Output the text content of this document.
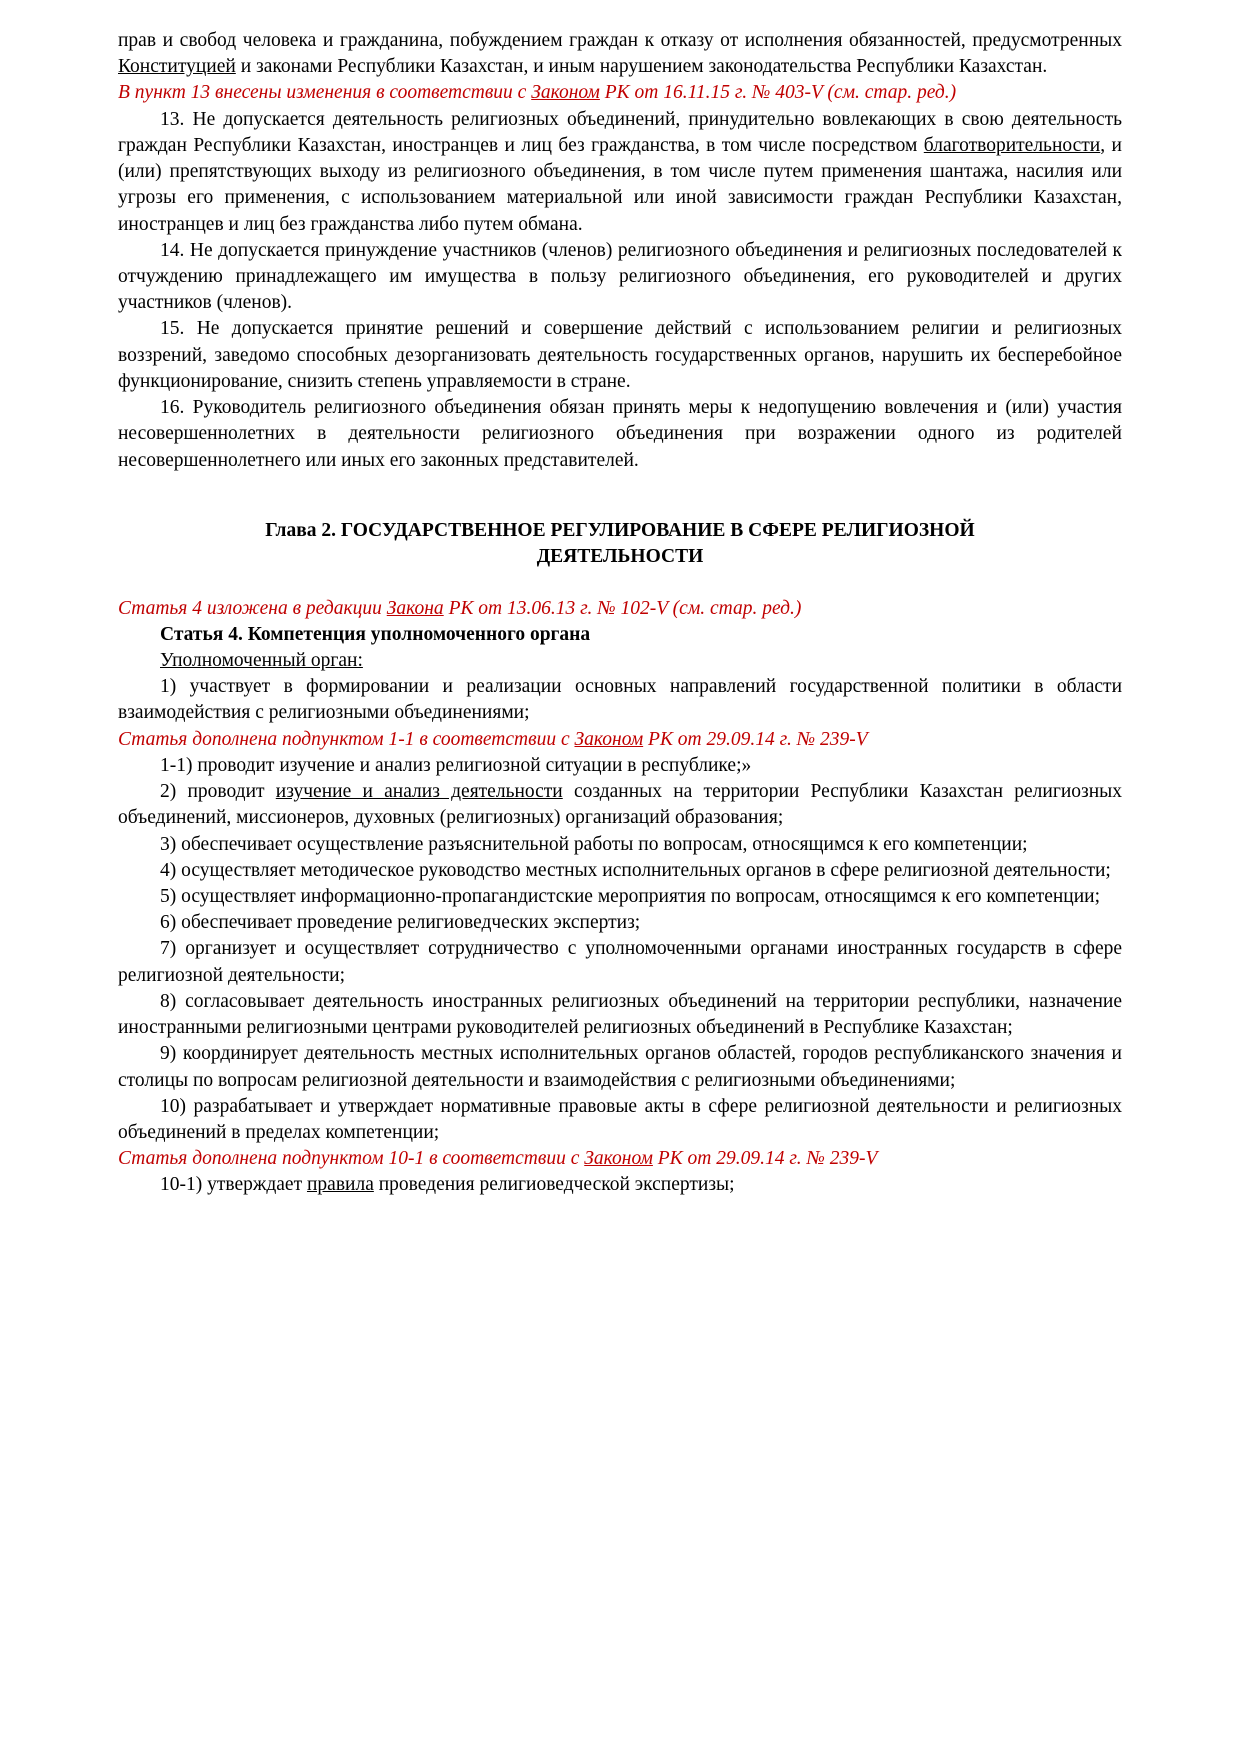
прав и свобод человека и гражданина, побуждением граждан к отказу от исполнения обязанностей, предусмотренных Конституцией и законами Республики Казахстан, и иным нарушением законодательства Республики Казахстан.

В пункт 13 внесены изменения в соответствии с Законом РК от 16.11.15 г. № 403-V (см. стар. ред.)

13. Не допускается деятельность религиозных объединений, принудительно вовлекающих в свою деятельность граждан Республики Казахстан, иностранцев и лиц без гражданства, в том числе посредством благотворительности, и (или) препятствующих выходу из религиозного объединения, в том числе путем применения шантажа, насилия или угрозы его применения, с использованием материальной или иной зависимости граждан Республики Казахстан, иностранцев и лиц без гражданства либо путем обмана.

14. Не допускается принуждение участников (членов) религиозного объединения и религиозных последователей к отчуждению принадлежащего им имущества в пользу религиозного объединения, его руководителей и других участников (членов).

15. Не допускается принятие решений и совершение действий с использованием религии и религиозных воззрений, заведомо способных дезорганизовать деятельность государственных органов, нарушить их бесперебойное функционирование, снизить степень управляемости в стране.

16. Руководитель религиозного объединения обязан принять меры к недопущению вовлечения и (или) участия несовершеннолетних в деятельности религиозного объединения при возражении одного из родителей несовершеннолетнего или иных его законных представителей.

Глава 2. ГОСУДАРСТВЕННОЕ РЕГУЛИРОВАНИЕ В СФЕРЕ РЕЛИГИОЗНОЙ

ДЕЯТЕЛЬНОСТИ

Статья 4 изложена в редакции Закона РК от 13.06.13 г. № 102-V (см. стар. ред.)

Статья 4. Компетенция уполномоченного органа

Уполномоченный орган:

1) участвует в формировании и реализации основных направлений государственной политики в области взаимодействия с религиозными объединениями;

Статья дополнена подпунктом 1-1 в соответствии с Законом РК от 29.09.14 г. № 239-V

1-1) проводит изучение и анализ религиозной ситуации в республике;»

2) проводит изучение и анализ деятельности созданных на территории Республики Казахстан религиозных объединений, миссионеров, духовных (религиозных) организаций образования;

3) обеспечивает осуществление разъяснительной работы по вопросам, относящимся к его компетенции;

4) осуществляет методическое руководство местных исполнительных органов в сфере религиозной деятельности;

5) осуществляет информационно-пропагандистские мероприятия по вопросам, относящимся к его компетенции;

6) обеспечивает проведение религиоведческих экспертиз;

7) организует и осуществляет сотрудничество с уполномоченными органами иностранных государств в сфере религиозной деятельности;

8) согласовывает деятельность иностранных религиозных объединений на территории республики, назначение иностранными религиозными центрами руководителей религиозных объединений в Республике Казахстан;

9) координирует деятельность местных исполнительных органов областей, городов республиканского значения и столицы по вопросам религиозной деятельности и взаимодействия с религиозными объединениями;

10) разрабатывает и утверждает нормативные правовые акты в сфере религиозной деятельности и религиозных объединений в пределах компетенции;

Статья дополнена подпунктом 10-1 в соответствии с Законом РК от 29.09.14 г. № 239-V

10-1) утверждает правила проведения религиоведческой экспертизы;
